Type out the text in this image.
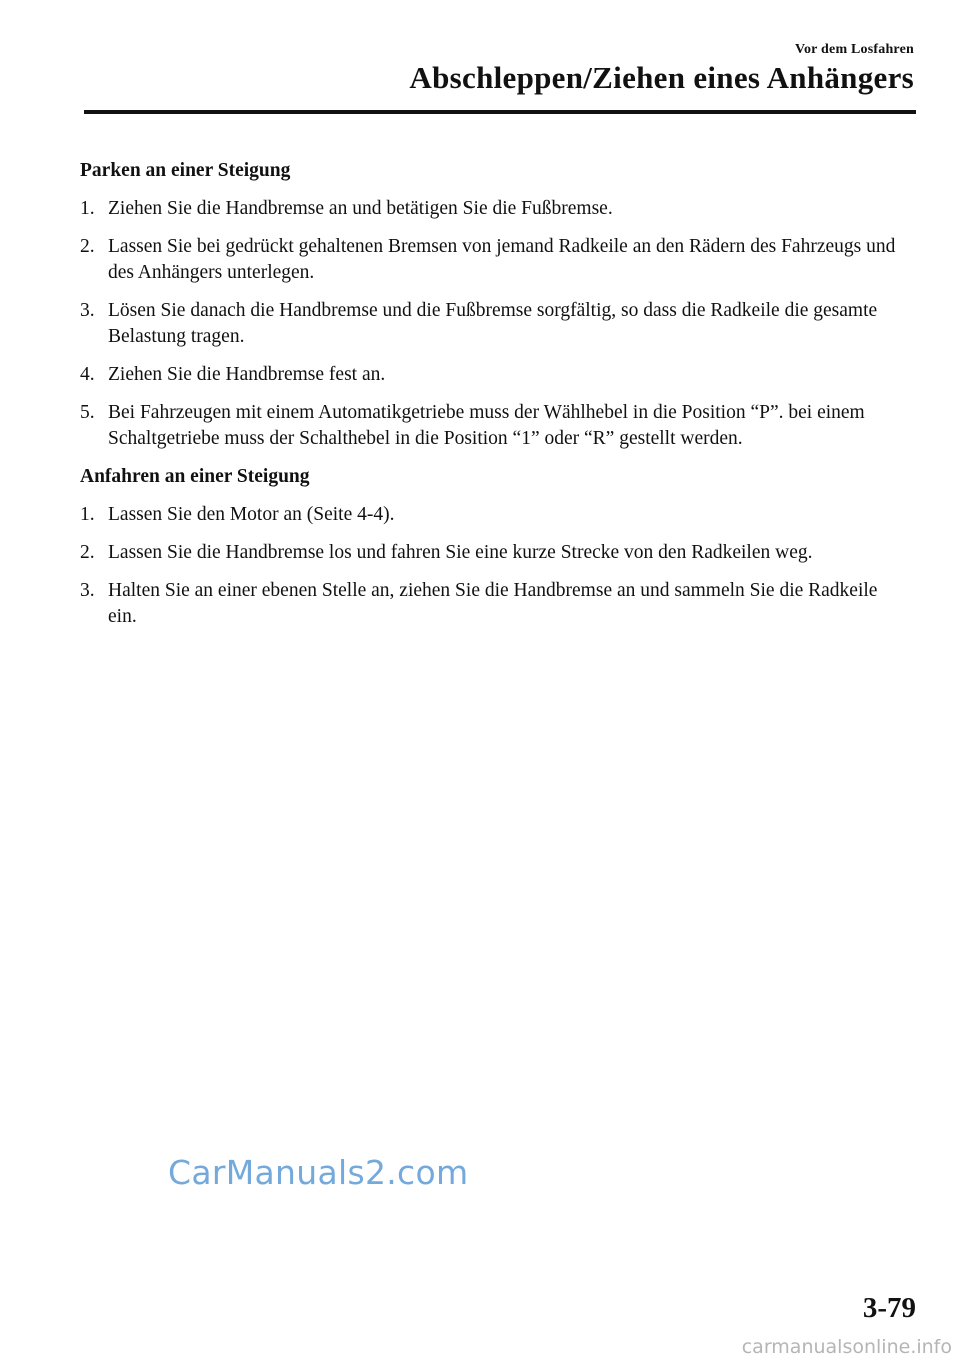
Vor dem Losfahren
Abschleppen/Ziehen eines Anhängers
Parken an einer Steigung
1. Ziehen Sie die Handbremse an und betätigen Sie die Fußbremse.
2. Lassen Sie bei gedrückt gehaltenen Bremsen von jemand Radkeile an den Rädern des Fahrzeugs und des Anhängers unterlegen.
3. Lösen Sie danach die Handbremse und die Fußbremse sorgfältig, so dass die Radkeile die gesamte Belastung tragen.
4. Ziehen Sie die Handbremse fest an.
5. Bei Fahrzeugen mit einem Automatikgetriebe muss der Wählhebel in die Position “P”. bei einem Schaltgetriebe muss der Schalthebel in die Position “1” oder “R” gestellt werden.
Anfahren an einer Steigung
1. Lassen Sie den Motor an (Seite 4-4).
2. Lassen Sie die Handbremse los und fahren Sie eine kurze Strecke von den Radkeilen weg.
3. Halten Sie an einer ebenen Stelle an, ziehen Sie die Handbremse an und sammeln Sie die Radkeile ein.
CarManuals2.com
3-79
carmanualsonline.info
